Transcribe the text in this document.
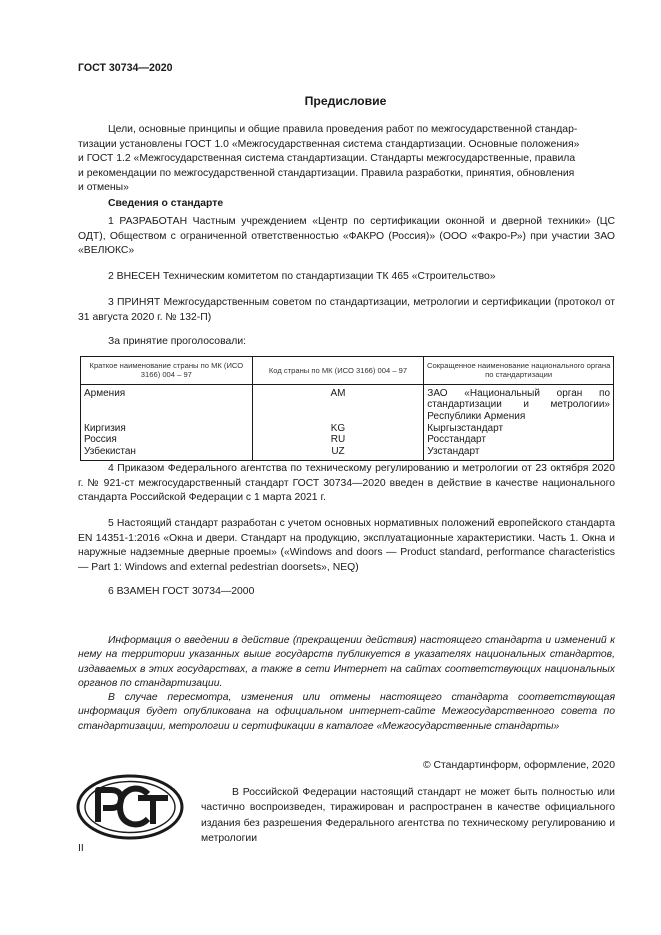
ГОСТ 30734—2020
Предисловие
Цели, основные принципы и общие правила проведения работ по межгосударственной стандар-
тизации установлены ГОСТ 1.0 «Межгосударственная система стандартизации. Основные положения»
и ГОСТ 1.2 «Межгосударственная система стандартизации. Стандарты межгосударственные, правила
и рекомендации по межгосударственной стандартизации. Правила разработки, принятия, обновления
и отмены»
Сведения о стандарте
1 РАЗРАБОТАН Частным учреждением «Центр по сертификации оконной и дверной техники» (ЦС ОДТ), Обществом с ограниченной ответственностью «ФАКРО (Россия)» (ООО «Факро-Р») при участии ЗАО «ВЕЛЮКС»
2 ВНЕСЕН Техническим комитетом по стандартизации ТК 465 «Строительство»
3 ПРИНЯТ Межгосударственным советом по стандартизации, метрологии и сертификации (протокол от 31 августа 2020 г. № 132-П)
За принятие проголосовали:
Краткое наименование страны по МК (ИСО 3166) 004 – 97	Код страны по МК (ИСО 3166) 004 – 97	Сокращенное наименование национального органа по стандартизации
Армения	AM	ЗАО «Национальный орган по стандартизации и метрологии» Республики Армения
Киргизия	KG	Кыргызстандарт
Россия	RU	Росстандарт
Узбекистан	UZ	Узстандарт
4 Приказом Федерального агентства по техническому регулированию и метрологии от 23 октября 2020 г. № 921-ст межгосударственный стандарт ГОСТ 30734—2020 введен в действие в качестве национального стандарта Российской Федерации с 1 марта 2021 г.
5 Настоящий стандарт разработан с учетом основных нормативных положений европейского стандарта EN 14351-1:2016 «Окна и двери. Стандарт на продукцию, эксплуатационные характеристики. Часть 1. Окна и наружные надземные дверные проемы» («Windows and doors — Product standard, performance characteristics — Part 1: Windows and external pedestrian doorsets», NEQ)
6 ВЗАМЕН ГОСТ 30734—2000
Информация о введении в действие (прекращении действия) настоящего стандарта и изменений к нему на территории указанных выше государств публикуется в указателях национальных стандартов, издаваемых в этих государствах, а также в сети Интернет на сайтах соответствующих национальных органов по стандартизации.
В случае пересмотра, изменения или отмены настоящего стандарта соответствующая информация будет опубликована на официальном интернет-сайте Межгосударственного совета по стандартизации, метрологии и сертификации в каталоге «Межгосударственные стандарты»
© Стандартинформ, оформление, 2020
В Российской Федерации настоящий стандарт не может быть полностью или частично воспроизведен, тиражирован и распространен в качестве официального издания без разрешения Федерального агентства по техническому регулированию и метрологии
II
